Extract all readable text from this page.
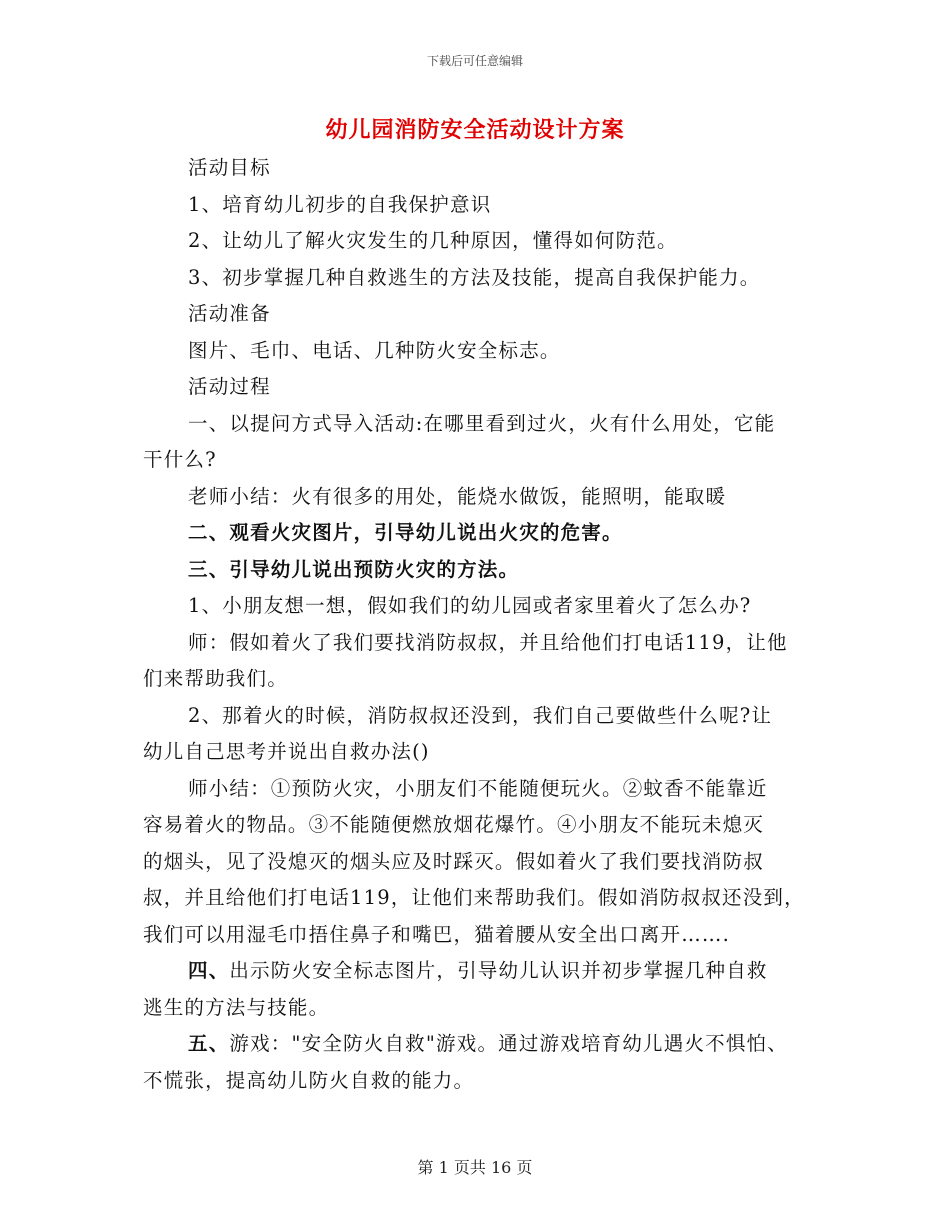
下载后可任意编辑
幼儿园消防安全活动设计方案

活动目标

1、培育幼儿初步的自我保护意识

2、让幼儿了解火灾发生的几种原因，懂得如何防范。

3、初步掌握几种自救逃生的方法及技能，提高自我保护能力。

活动准备

图片、毛巾、电话、几种防火安全标志。

活动过程

一、以提问方式导入活动:在哪里看到过火，火有什么用处，它能
干什么?

老师小结：火有很多的用处，能烧水做饭，能照明，能取暖

二、观看火灾图片，引导幼儿说出火灾的危害。

三、引导幼儿说出预防火灾的方法。

1、小朋友想一想，假如我们的幼儿园或者家里着火了怎么办?

师：假如着火了我们要找消防叔叔，并且给他们打电话119，让他
们来帮助我们。
2、那着火的时候，消防叔叔还没到，我们自己要做些什么呢?让
幼儿自己思考并说出自救办法()
师小结：①预防火灾，小朋友们不能随便玩火。②蚊香不能靠近
容易着火的物品。③不能随便燃放烟花爆竹。④小朋友不能玩未熄灭
的烟头，见了没熄灭的烟头应及时踩灭。假如着火了我们要找消防叔
叔，并且给他们打电话119，让他们来帮助我们。假如消防叔叔还没到，
我们可以用湿毛巾捂住鼻子和嘴巴，猫着腰从安全出口离开…….
四、出示防火安全标志图片，引导幼儿认识并初步掌握几种自救
逃生的方法与技能。
五、游戏："安全防火自救"游戏。通过游戏培育幼儿遇火不惧怕、
不慌张，提高幼儿防火自救的能力。
第 1 页共 16 页
